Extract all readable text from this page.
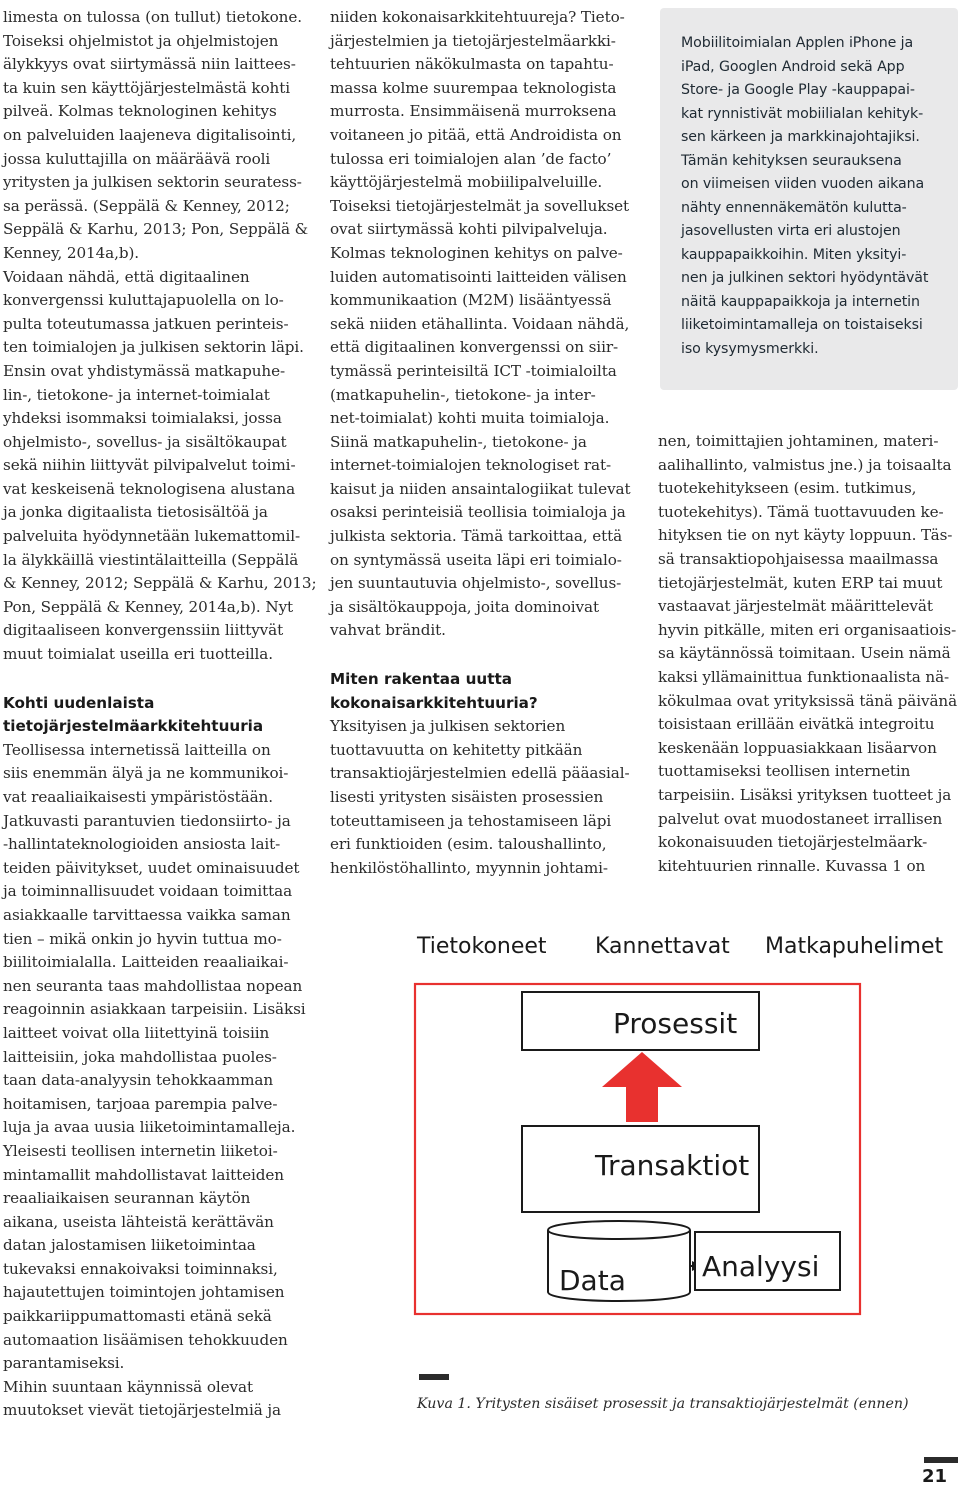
limesta on tulossa (on tullut) tietokone.
Toiseksi ohjelmistot ja ohjelmistojen
älykkyys ovat siirtymässä niin laittees-
ta kuin sen käyttöjärjestelmästä kohti
pilveä. Kolmas teknologinen kehitys
on palveluiden laajeneva digitalisointi,
jossa kuluttajilla on määräävä rooli
yritysten ja julkisen sektorin seuratess-
sa perässä. (Seppälä & Kenney, 2012;
Seppälä & Karhu, 2013; Pon, Seppälä &
Kenney, 2014a,b).
Voidaan nähdä, että digitaalinen
konvergenssi kuluttajapuolella on lo-
pulta toteutumassa jatkuen perinteis-
ten toimialojen ja julkisen sektorin läpi.
Ensin ovat yhdistymässä matkapuhe-
lin-, tietokone- ja internet-toimialat
yhdeksi isommaksi toimialaksi, jossa
ohjelmisto-, sovellus- ja sisältökaupat
sekä niihin liittyvät pilvipalvelut toimi-
vat keskeisenä teknologisena alustana
ja jonka digitaalista tietosisältöä ja
palveluita hyödynnetään lukemattomil-
la älykkäillä viestintälaitteilla (Seppälä
& Kenney, 2012; Seppälä & Karhu, 2013;
Pon, Seppälä & Kenney, 2014a,b). Nyt
digitaaliseen konvergenssiin liittyvät
muut toimialat useilla eri tuotteilla.
Kohti uudenlaista
tietojärjestelmäarkkitehtuuria
Teollisessa internetissä laitteilla on
siis enemmän älyä ja ne kommunikoi-
vat reaaliaikaisesti ympäristöstään.
Jatkuvasti parantuvien tiedonsiirto- ja
-hallintateknologioiden ansiosta lait-
teiden päivitykset, uudet ominaisuudet
ja toiminnallisuudet voidaan toimittaa
asiakkaalle tarvittaessa vaikka saman
tien – mikä onkin jo hyvin tuttua mo-
biilitoimialalla. Laitteiden reaaliaikai-
nen seuranta taas mahdollistaa nopean
reagoinnin asiakkaan tarpeisiin. Lisäksi
laitteet voivat olla liitettyinä toisiin
laitteisiin, joka mahdollistaa puoles-
taan data-analyysin tehokkaamman
hoitamisen, tarjoaa parempia palve-
luja ja avaa uusia liiketoimintamalleja.
Yleisesti teollisen internetin liiketoi-
mintamallit mahdollistavat laitteiden
reaaliaikaisen seurannan käytön
aikana, useista lähteistä kerättävän
datan jalostamisen liiketoimintaa
tukevaksi ennakoivaksi toiminnaksi,
hajautettujen toimintojen johtamisen
paikkariippumattomasti etänä sekä
automaation lisäämisen tehokkuuden
parantamiseksi.
Mihin suuntaan käynnissä olevat
muutokset vievät tietojärjestelmiä ja
niiden kokonaisarkkitehtuureja? Tieto-
järjestelmien ja tietojärjestelmäarkki-
tehtuurien näkökulmasta on tapahtu-
massa kolme suurempaa teknologista
murrosta. Ensimmäisenä murroksena
voitaneen jo pitää, että Androidista on
tulossa eri toimialojen alan ’de facto’
käyttöjärjestelmä mobiilipalveluille.
Toiseksi tietojärjestelmät ja sovellukset
ovat siirtymässä kohti pilvipalveluja.
Kolmas teknologinen kehitys on palve-
luiden automatisointi laitteiden välisen
kommunikaation (M2M) lisääntyessä
sekä niiden etähallinta. Voidaan nähdä,
että digitaalinen konvergenssi on siir-
tymässä perinteisiltä ICT -toimialoilta
(matkapuhelin-, tietokone- ja inter-
net-toimialat) kohti muita toimialoja.
Siinä matkapuhelin-, tietokone- ja
internet-toimialojen teknologiset rat-
kaisut ja niiden ansaintalogiikat tulevat
osaksi perinteisiä teollisia toimialoja ja
julkista sektoria. Tämä tarkoittaa, että
on syntymässä useita läpi eri toimialo-
jen suuntautuvia ohjelmisto-, sovellus-
ja sisältökauppoja, joita dominoivat
vahvat brändit.
Miten rakentaa uutta
kokonaisarkkitehtuuria?
Yksityisen ja julkisen sektorien
tuottavuutta on kehitetty pitkään
transaktiojärjestelmien edellä pääasial-
lisesti yritysten sisäisten prosessien
toteuttamiseen ja tehostamiseen läpi
eri funktioiden (esim. taloushallinto,
henkilöstöhallinto, myynnin johtami-
Mobiilitoimialan Applen iPhone ja
iPad, Googlen Android sekä App
Store- ja Google Play -kauppapai-
kat rynnistivät mobiilialan kehityk-
sen kärkeen ja markkinajohtajiksi.
Tämän kehityksen seurauksena
on viimeisen viiden vuoden aikana
nähty ennennäkemätön kulutta-
jasovellusten virta eri alustojen
kauppapaikkoihin. Miten yksityi-
nen ja julkinen sektori hyödyntävät
näitä kauppapaikkoja ja internetin
liiketoimintamalleja on toistaiseksi
iso kysymysmerkki.
nen, toimittajien johtaminen, materi-
aalihallinto, valmistus jne.) ja toisaalta
tuotekehitykseen (esim. tutkimus,
tuotekehitys). Tämä tuottavuuden ke-
hityksen tie on nyt käyty loppuun. Täs-
sä transaktiopohjaisessa maailmassa
tietojärjestelmät, kuten ERP tai muut
vastaavat järjestelmät määrittelevät
hyvin pitkälle, miten eri organisaatiois-
sa käytännössä toimitaan. Usein nämä
kaksi yllämainittua funktionaalista nä-
kökulmaa ovat yrityksissä tänä päivänä
toisistaan erillään eivätkä integroitu
keskenään loppuasiakkaan lisäarvon
tuottamiseksi teollisen internetin
tarpeisiin. Lisäksi yrityksen tuotteet ja
palvelut ovat muodostaneet irrallisen
kokonaisuuden tietojärjestelmäark-
kitehtuurien rinnalle. Kuvassa 1 on
Tietokoneet Kannettavat Matkapuhelimet
Prosessit
Transaktiot
Data	Analyysi
Kuva 1. Yritysten sisäiset prosessit ja transaktiojärjestelmät (ennen)
21
